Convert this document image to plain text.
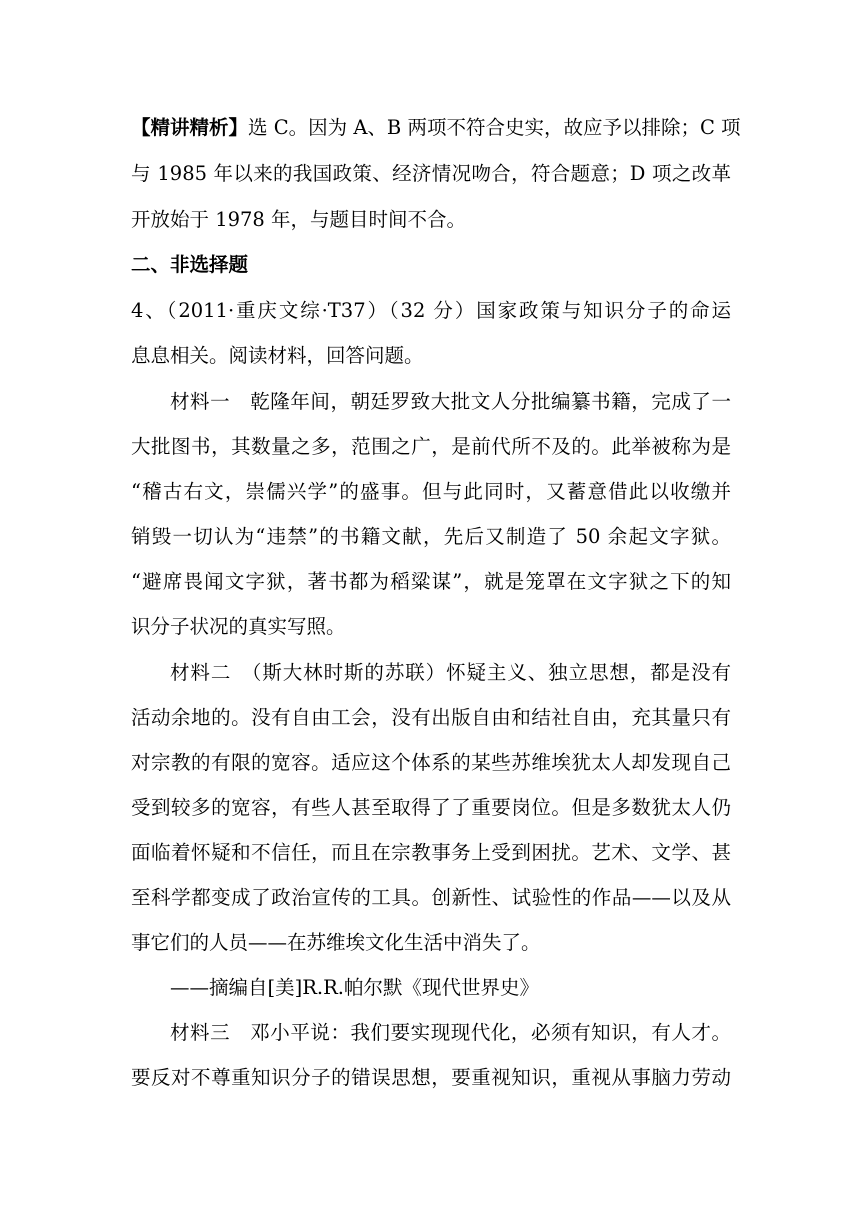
【精讲精析】选 C。因为 A、B 两项不符合史实，故应予以排除；C 项
与 1985 年以来的我国政策、经济情况吻合，符合题意；D 项之改革
开放始于 1978 年，与题目时间不合。
二、非选择题
4、（2011·重庆文综·T37）（32 分）国家政策与知识分子的命运
息息相关。阅读材料，回答问题。
材料一　乾隆年间，朝廷罗致大批文人分批编纂书籍，完成了一
大批图书，其数量之多，范围之广，是前代所不及的。此举被称为是
“稽古右文，崇儒兴学”的盛事。但与此同时，又蓄意借此以收缴并
销毁一切认为“违禁”的书籍文献，先后又制造了 50 余起文字狱。
“避席畏闻文字狱，著书都为稻粱谋”，就是笼罩在文字狱之下的知
识分子状况的真实写照。
材料二　（斯大林时斯的苏联）怀疑主义、独立思想，都是没有
活动余地的。没有自由工会，没有出版自由和结社自由，充其量只有
对宗教的有限的宽容。适应这个体系的某些苏维埃犹太人却发现自己
受到较多的宽容，有些人甚至取得了了重要岗位。但是多数犹太人仍
面临着怀疑和不信任，而且在宗教事务上受到困扰。艺术、文学、甚
至科学都变成了政治宣传的工具。创新性、试验性的作品——以及从
事它们的人员——在苏维埃文化生活中消失了。
——摘编自[美]R.R.帕尔默《现代世界史》
材料三　邓小平说：我们要实现现代化，必须有知识，有人才。
要反对不尊重知识分子的错误思想，要重视知识，重视从事脑力劳动
